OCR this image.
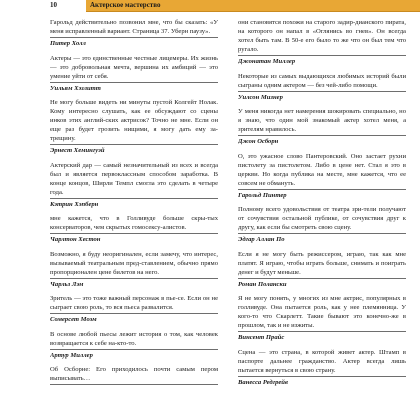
10	Актерское мастерство

Гарольд действительно позвонил мне, что бы сказать: «У меня исправленный вариант. Страница 37. Уберн паузу».

Питер Холл

Актеры — это единственные честные лицемеры. Их жизнь — это добровольная мечта, вершина их амбиций — это умение уйти от себя.

Уильям Хэзлитт

Не могу больше видеть ни минуты пустой Колгейт Нолак. Кому интересно слушать, как ее обсуждают со сцены инков этих англий-ских актрисок? Точно не мне. Если он еще раз будет грозить нищими, я могу дать ему за-трещину.

Эрнест Хемингуэй

Актерский дар — самый незначительный из всех и всегда был и является первоклассным способом заработка. В конце концов, Ширли Темпл смогла это сделать в четыре года.

Кэтрин Хэпберн

мне кажется, что в Голливуде больше скры-тых консерваторов, чем скрытых гомосексу-алистов.

Чарлтон Хестон

Возможно, я буду неоригинален, если замечу, что интерес, вызываемый театральным пред-ставлением, обычно прямо пропорционален цене билетов на него.

Чарльз Лэм

Зритель — это тоже важный персонаж в пье-се. Если он не сыграет свою роль, то вся пьеса развалится.

Сомерсет Моэм

В основе любой пьесы лежит история о том, как человек возвращается к себе на-кто-то.

Артур Миллер

Об Осборне: Его приходилось почти самым пером выписывать…

они становятся похожи на старого задир-дианского пирата, на которого он напал в «Оглянись во гнев». Он всегда хотел быть там. В 50-е его было то же что он был тем что ругало.

Джонатан Миллер

Некоторые из самых выдающихся любимых историй были сыграны одним актером — без чей-либо помощи.

Уилсон Мизнер

У меня никогда нет намерения шокировать специально, но я знаю, что один мой знакомый актер хотел меня, а зрителям нравилось.

Джон Осборн

О, это ужасное слово Пантеровский. Оно застает рухни пистолету за пистолетом. Либо в цене нет. Стал я это в церкви. Но когда публика на месте, мне кажется, что ее совсем не обмануть.

Гарольд Пинтер

Полному всего удовольствия от театра зри-тели получают от сочувствия остальной публике, от сочувствия друг к другу, как если бы смотреть свою сцену.

Эдгар Аллан По

Если я не могу быть режиссером, играю, так как мне платят. Я играю, чтобы играть больше, снимать и поиграть денег и будут меньше.

Роман Полански

Я не могу понять, у многих из мне актрис, популярных в голливуде. Она пытается роль, как у нее племянница. У кого-то что Скарлетт. Такие бывают это конечно-же в прошлом, так и не изжиты.

Винсент Прайс

Сцена — это страна, в которой живет актер. Штамп в паспорте дальнее гражданство. Актер всегда лишь пытается вернуться в свою страну.

Ванесса Редгрейв
